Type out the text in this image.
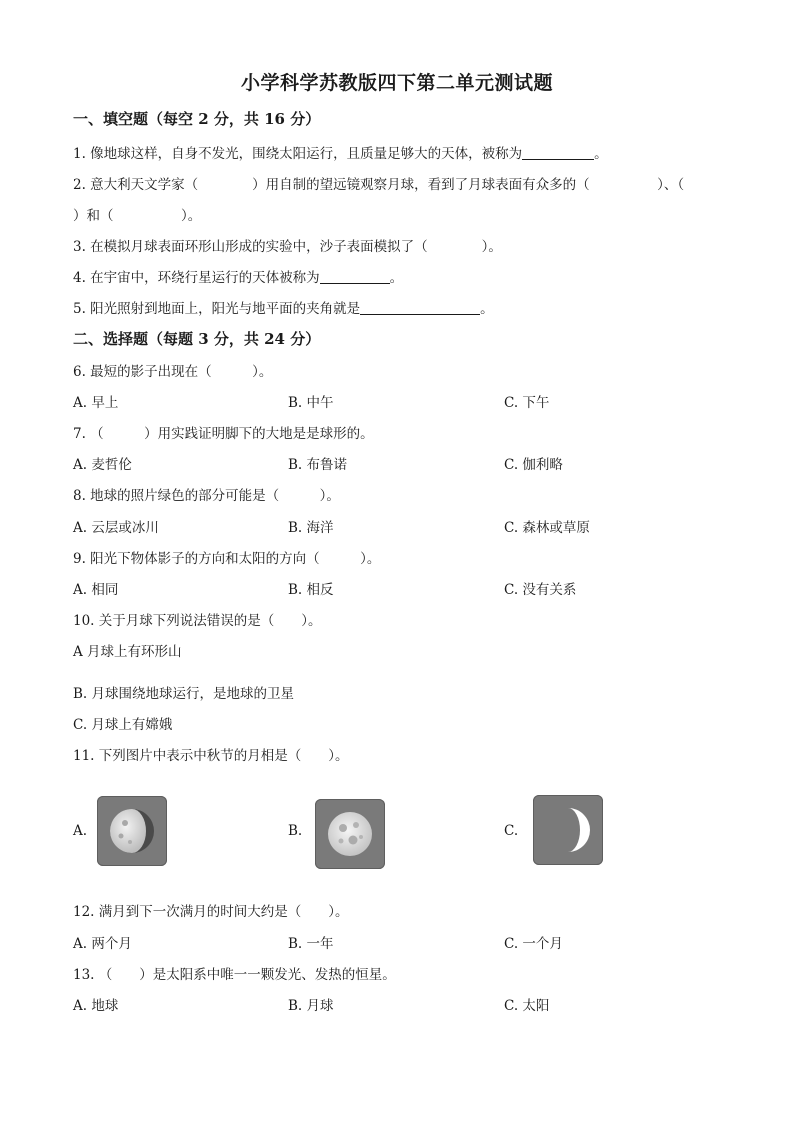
小学科学苏教版四下第二单元测试题
一、填空题（每空 2 分，共 16 分）
1. 像地球这样，自身不发光，围绕太阳运行，且质量足够大的天体，被称为	。
2. 意大利天文学家（　　　　）用自制的望远镜观察月球，看到了月球表面有众多的（　　　　　）、（
）和（　　　　　）。
3. 在模拟月球表面环形山形成的实验中，沙子表面模拟了（　　　　）。
4. 在宇宙中，环绕行星运行的天体被称为	。
5. 阳光照射到地面上，阳光与地平面的夹角就是	。
二、选择题（每题 3 分，共 24 分）
6. 最短的影子出现在（　　　）。
A. 早上	B. 中午	C. 下午
7. （　　　）用实践证明脚下的大地是是球形的。
A. 麦哲伦	B. 布鲁诺	C. 伽利略
8. 地球的照片绿色的部分可能是（　　　）。
A. 云层或冰川	B. 海洋	C. 森林或草原
9. 阳光下物体影子的方向和太阳的方向（　　　）。
A. 相同	B. 相反	C. 没有关系
10. 关于月球下列说法错误的是（　　）。
A 月球上有环形山
B. 月球围绕地球运行，是地球的卫星
C. 月球上有嫦娥
11. 下列图片中表示中秋节的月相是（　　）。
A.	B.	C.
12. 满月到下一次满月的时间大约是（　　）。
A. 两个月	B. 一年	C. 一个月
13. （　　）是太阳系中唯一一颗发光、发热的恒星。
A. 地球	B. 月球	C. 太阳
